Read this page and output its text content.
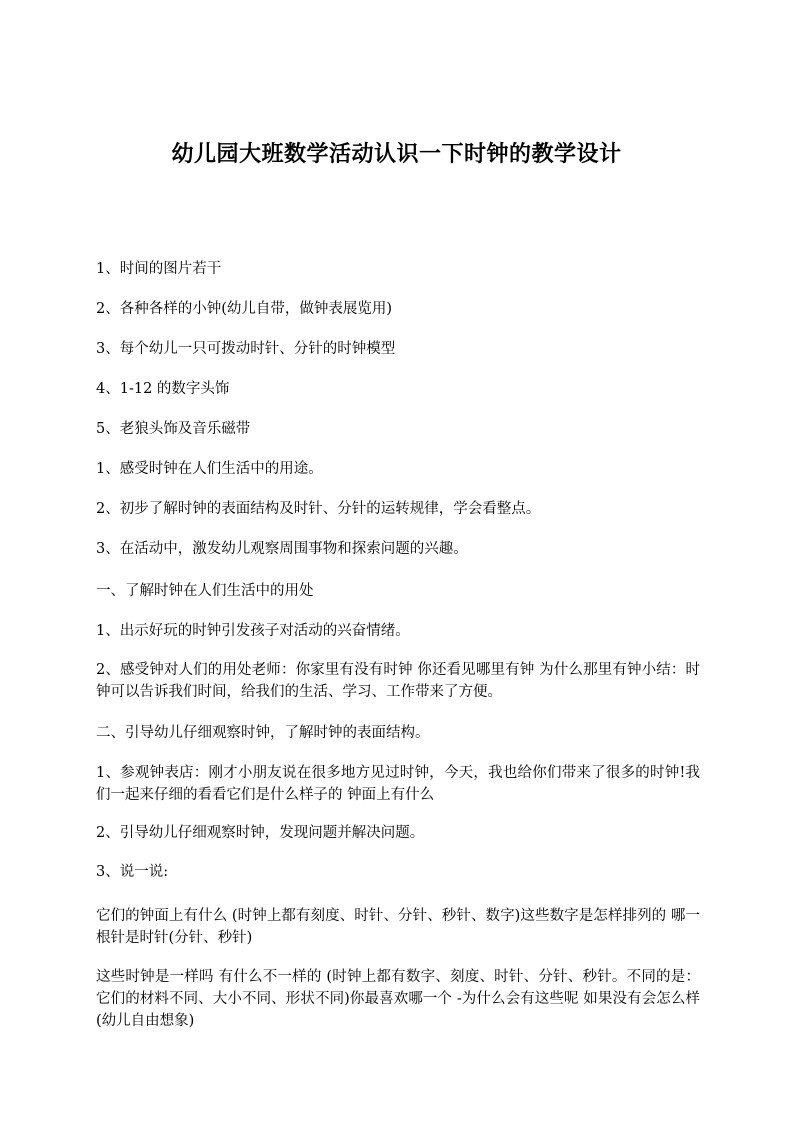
幼儿园大班数学活动认识一下时钟的教学设计
1、时间的图片若干
2、各种各样的小钟(幼儿自带，做钟表展览用)
3、每个幼儿一只可拨动时针、分针的时钟模型
4、1-12 的数字头饰
5、老狼头饰及音乐磁带
1、感受时钟在人们生活中的用途。
2、初步了解时钟的表面结构及时针、分针的运转规律，学会看整点。
3、在活动中，激发幼儿观察周围事物和探索问题的兴趣。
一、了解时钟在人们生活中的用处
1、出示好玩的时钟引发孩子对活动的兴奋情绪。
2、感受钟对人们的用处老师：你家里有没有时钟 你还看见哪里有钟 为什么那里有钟小结：时钟可以告诉我们时间，给我们的生活、学习、工作带来了方便。
二、引导幼儿仔细观察时钟，了解时钟的表面结构。
1、参观钟表店：刚才小朋友说在很多地方见过时钟，今天，我也给你们带来了很多的时钟!我们一起来仔细的看看它们是什么样子的 钟面上有什么
2、引导幼儿仔细观察时钟，发现问题并解决问题。
3、说一说:
它们的钟面上有什么 (时钟上都有刻度、时针、分针、秒针、数字)这些数字是怎样排列的 哪一根针是时针(分针、秒针)
这些时钟是一样吗 有什么不一样的 (时钟上都有数字、刻度、时针、分针、秒针。不同的是：它们的材料不同、大小不同、形状不同)你最喜欢哪一个 -为什么会有这些呢 如果没有会怎么样 (幼儿自由想象)
